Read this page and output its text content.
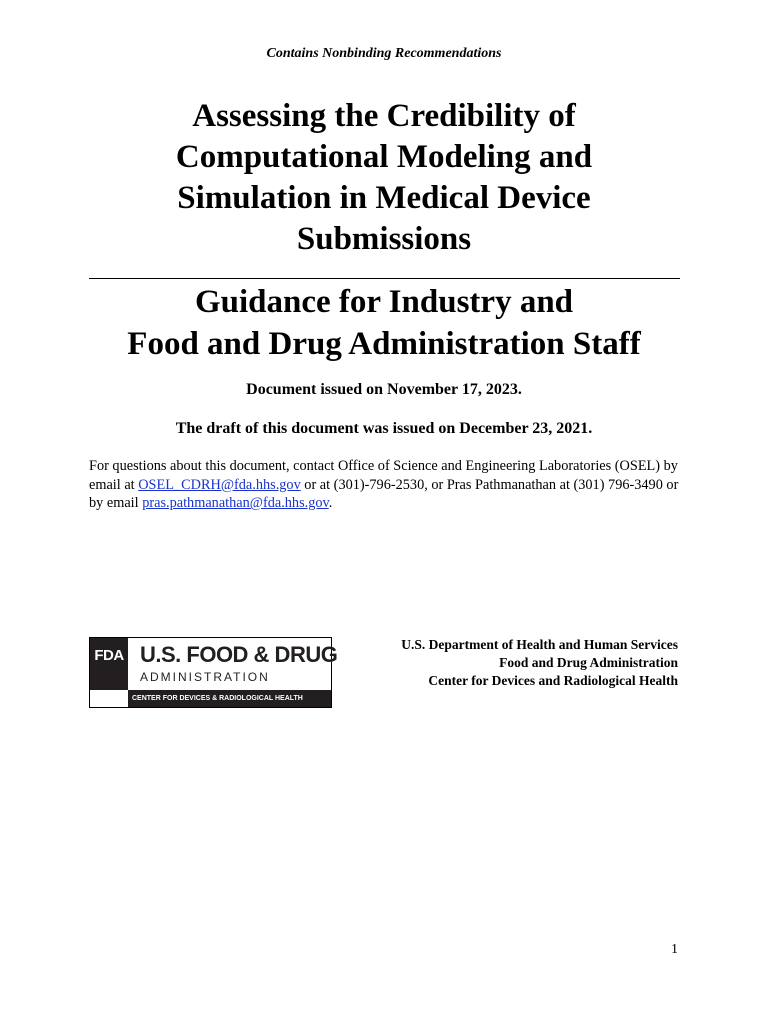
Contains Nonbinding Recommendations
Assessing the Credibility of
Computational Modeling and
Simulation in Medical Device
Submissions
Guidance for Industry and
Food and Drug Administration Staff
Document issued on November 17, 2023.
The draft of this document was issued on December 23, 2021.
For questions about this document, contact Office of Science and Engineering Laboratories (OSEL) by email at OSEL_CDRH@fda.hhs.gov or at (301)-796-2530, or Pras Pathmanathan at (301) 796-3490 or by email pras.pathmanathan@fda.hhs.gov.
FDA U.S. FOOD & DRUG
ADMINISTRATION
CENTER FOR DEVICES & RADIOLOGICAL HEALTH
U.S. Department of Health and Human Services
Food and Drug Administration
Center for Devices and Radiological Health
1
